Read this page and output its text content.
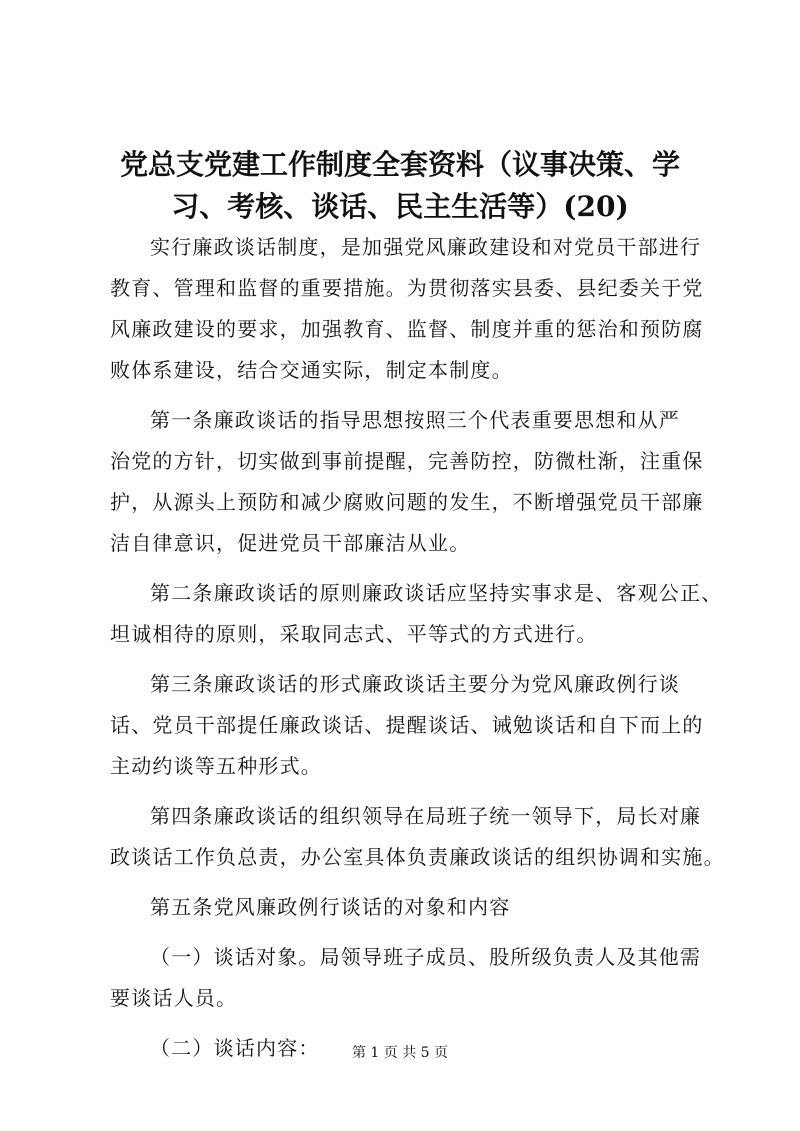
党总支党建工作制度全套资料（议事决策、学
习、考核、谈话、民主生活等）(20)
实行廉政谈话制度，是加强党风廉政建设和对党员干部进行
教育、管理和监督的重要措施。为贯彻落实县委、县纪委关于党
风廉政建设的要求，加强教育、监督、制度并重的惩治和预防腐
败体系建设，结合交通实际，制定本制度。
第一条廉政谈话的指导思想按照三个代表重要思想和从严
治党的方针，切实做到事前提醒，完善防控，防微杜渐，注重保
护，从源头上预防和减少腐败问题的发生，不断增强党员干部廉
洁自律意识，促进党员干部廉洁从业。
第二条廉政谈话的原则廉政谈话应坚持实事求是、客观公正、
坦诚相待的原则，采取同志式、平等式的方式进行。
第三条廉政谈话的形式廉政谈话主要分为党风廉政例行谈
话、党员干部提任廉政谈话、提醒谈话、诫勉谈话和自下而上的
主动约谈等五种形式。
第四条廉政谈话的组织领导在局班子统一领导下，局长对廉
政谈话工作负总责，办公室具体负责廉政谈话的组织协调和实施。
第五条党风廉政例行谈话的对象和内容
（一）谈话对象。局领导班子成员、股所级负责人及其他需
要谈话人员。
（二）谈话内容：	第 1 页 共 5 页
